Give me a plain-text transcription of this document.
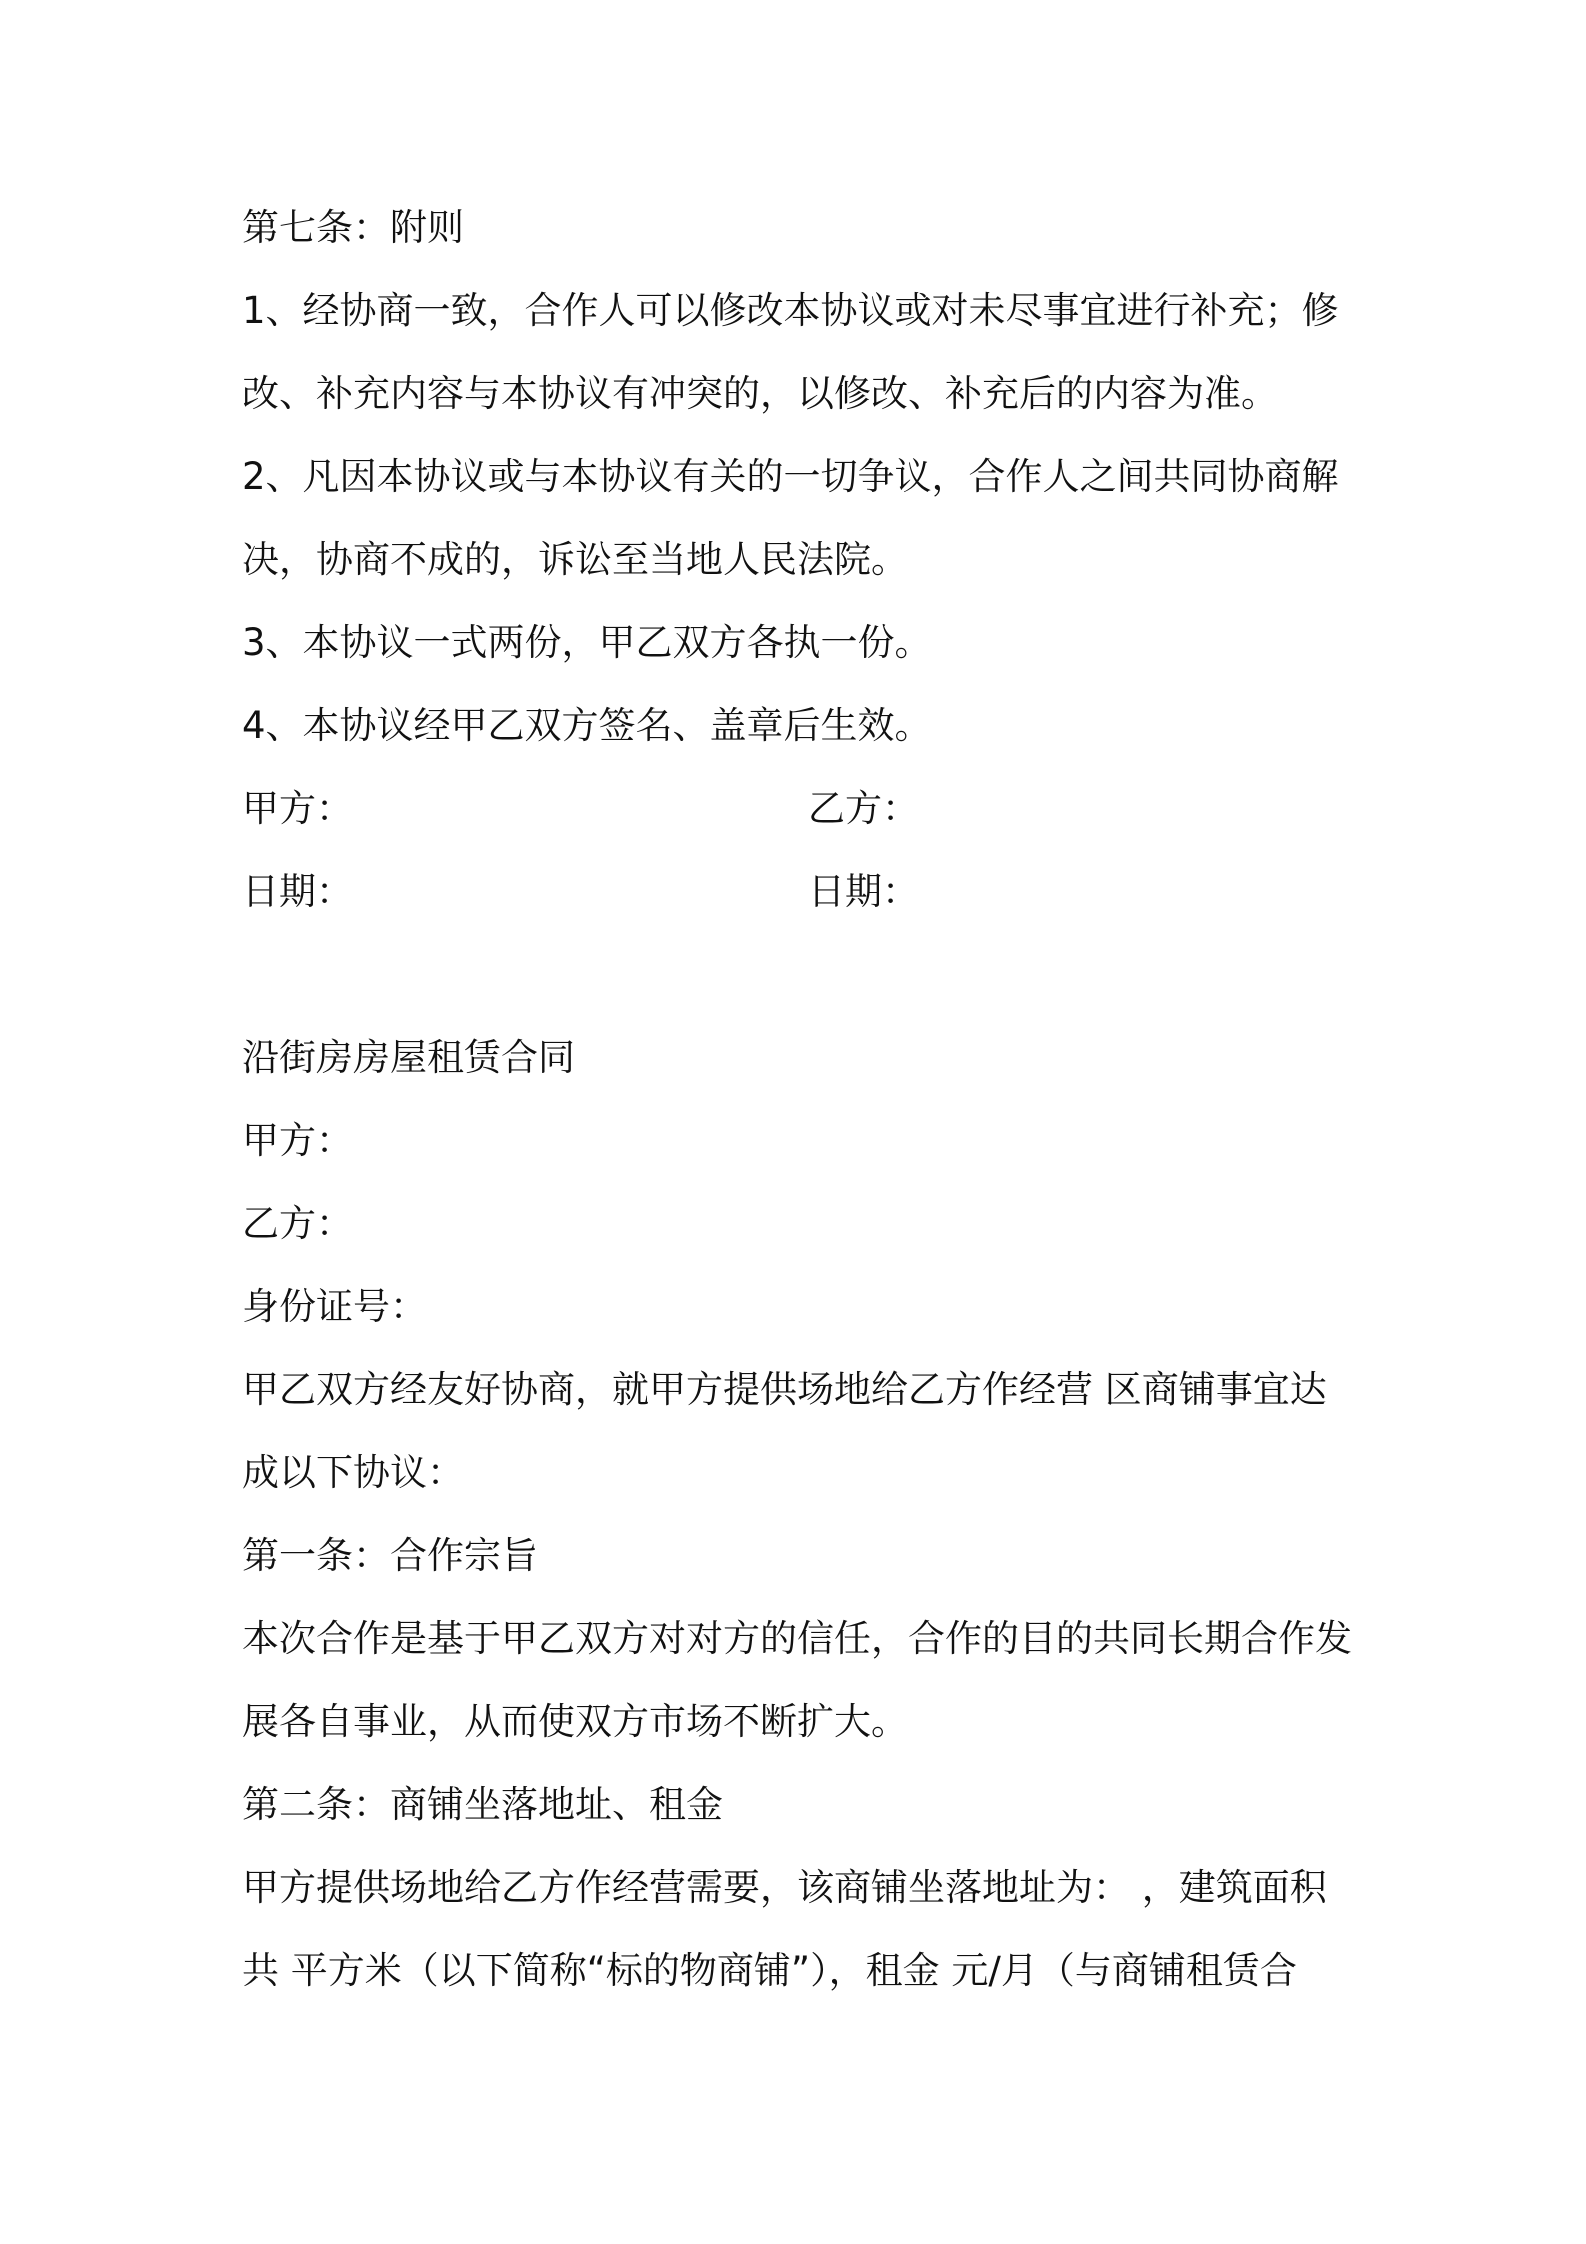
第七条：附则
1、经协商一致，合作人可以修改本协议或对未尽事宜进行补充；修
改、补充内容与本协议有冲突的，以修改、补充后的内容为准。
2、凡因本协议或与本协议有关的一切争议，合作人之间共同协商解
决，协商不成的，诉讼至当地人民法院。
3、本协议一式两份，甲乙双方各执一份。
4、本协议经甲乙双方签名、盖章后生效。
甲方：	乙方：
日期：	日期：
沿街房房屋租赁合同
甲方：
乙方：
身份证号：
甲乙双方经友好协商，就甲方提供场地给乙方作经营 区商铺事宜达
成以下协议：
第一条：合作宗旨
本次合作是基于甲乙双方对对方的信任，合作的目的共同长期合作发
展各自事业，从而使双方市场不断扩大。
第二条：商铺坐落地址、租金
甲方提供场地给乙方作经营需要，该商铺坐落地址为： ，建筑面积
共 平方米（以下简称“标的物商铺”），租金 元/月（与商铺租赁合
